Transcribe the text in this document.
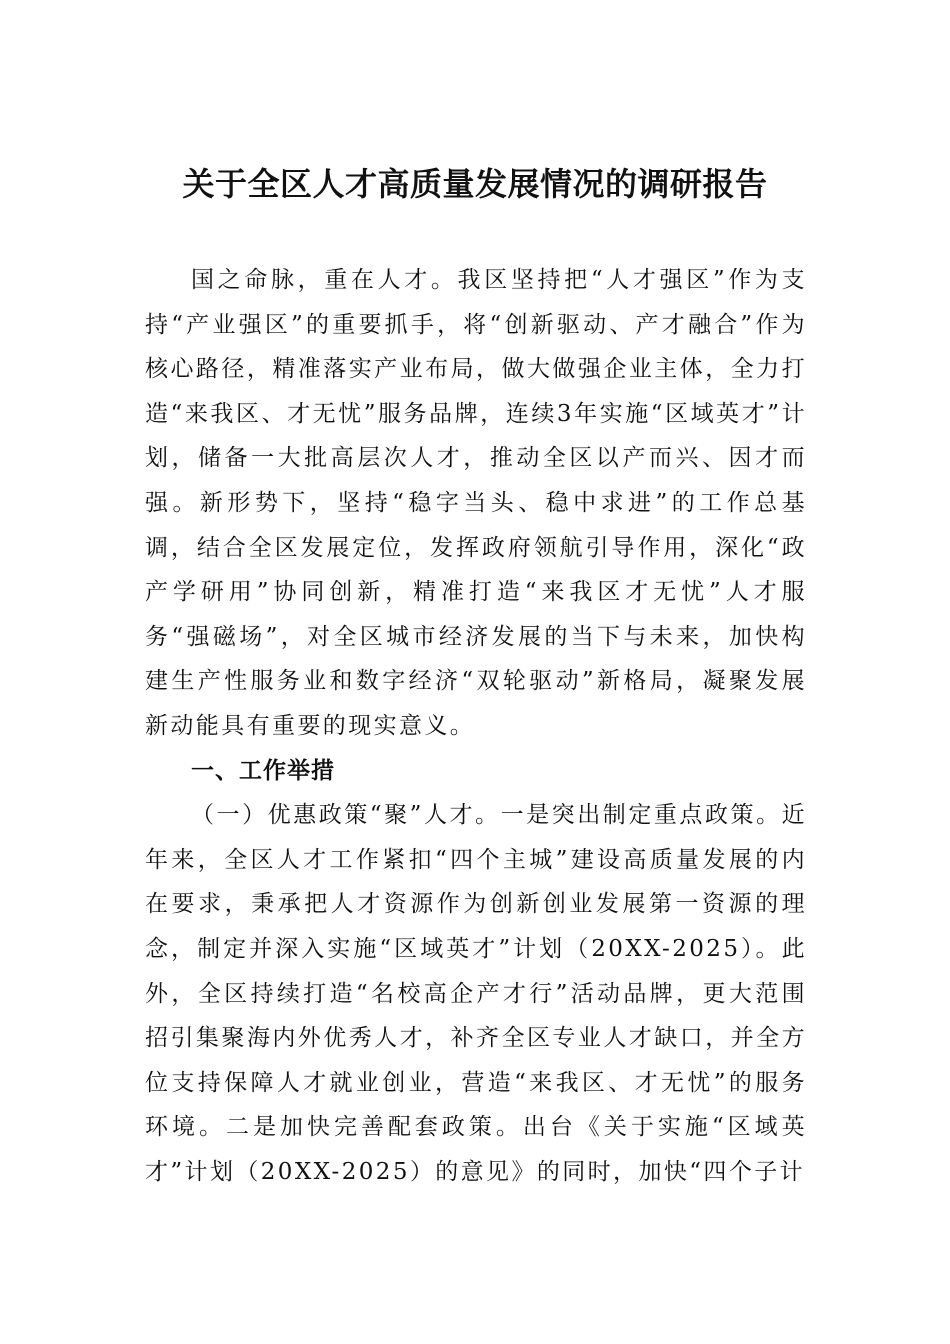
关于全区人才高质量发展情况的调研报告

国之命脉，重在人才。我区坚持把“人才强区”作为支持“产业强区”的重要抓手，将“创新驱动、产才融合”作为核心路径，精准落实产业布局，做大做强企业主体，全力打造“来我区、才无忧”服务品牌，连续3年实施“区域英才”计划，储备一大批高层次人才，推动全区以产而兴、因才而强。新形势下，坚持“稳字当头、稳中求进”的工作总基调，结合全区发展定位，发挥政府领航引导作用，深化“政产学研用”协同创新，精准打造“来我区才无忧”人才服务“强磁场”，对全区城市经济发展的当下与未来，加快构建生产性服务业和数字经济“双轮驱动”新格局，凝聚发展新动能具有重要的现实意义。

一、工作举措

（一）优惠政策“聚”人才。一是突出制定重点政策。近年来，全区人才工作紧扣“四个主城”建设高质量发展的内在要求，秉承把人才资源作为创新创业发展第一资源的理念，制定并深入实施“区域英才”计划（20XX-2025）。此外，全区持续打造“名校高企产才行”活动品牌，更大范围招引集聚海内外优秀人才，补齐全区专业人才缺口，并全方位支持保障人才就业创业，营造“来我区、才无忧”的服务环境。二是加快完善配套政策。出台《关于实施“区域英才”计划（20XX-2025）的意见》的同时，加快“四个子计
